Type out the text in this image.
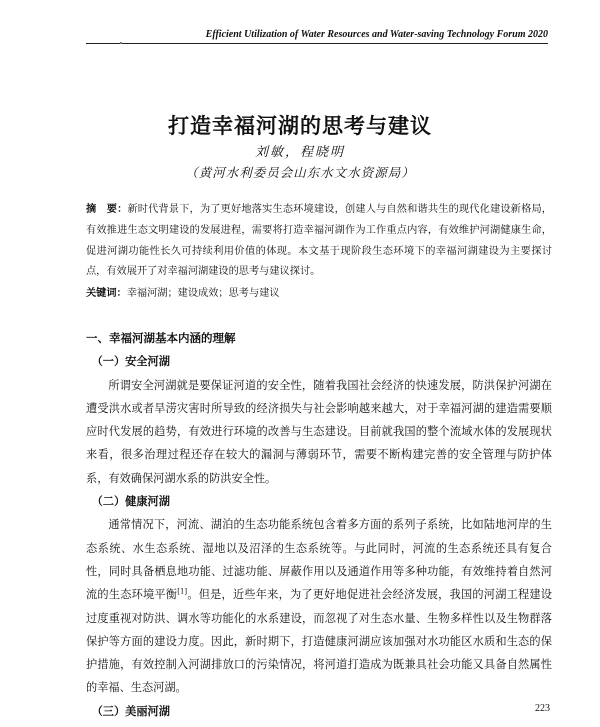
Efficient Utilization of Water Resources and Water-saving Technology Forum 2020
打造幸福河湖的思考与建议
刘敏，程晓明
（黄河水利委员会山东水文水资源局）
摘　要：新时代背景下，为了更好地落实生态环境建设，创建人与自然和谐共生的现代化建设新格局，有效推进生态文明建设的发展进程，需要将打造幸福河湖作为工作重点内容，有效维护河湖健康生命，促进河湖功能性长久可持续利用价值的体现。本文基于现阶段生态环境下的幸福河湖建设为主要探讨点，有效展开了对幸福河湖建设的思考与建议探讨。
关键词：幸福河湖；建设成效；思考与建议
一、幸福河湖基本内涵的理解
（一）安全河湖

所谓安全河湖就是要保证河道的安全性，随着我国社会经济的快速发展，防洪保护河湖在遭受洪水或者旱涝灾害时所导致的经济损失与社会影响越来越大，对于幸福河湖的建造需要顺应时代发展的趋势，有效进行环境的改善与生态建设。目前就我国的整个流域水体的发展现状来看，很多治理过程还存在较大的漏洞与薄弱环节，需要不断构建完善的安全管理与防护体系，有效确保河湖水系的防洪安全性。

（二）健康河湖

通常情况下，河流、湖泊的生态功能系统包含着多方面的系列子系统，比如陆地河岸的生态系统、水生态系统、湿地以及沼泽的生态系统等。与此同时，河流的生态系统还具有复合性，同时具备栖息地功能、过滤功能、屏蔽作用以及通道作用等多种功能，有效维持着自然河流的生态环境平衡[1]。但是，近些年来，为了更好地促进社会经济发展，我国的河湖工程建设过度重视对防洪、调水等功能化的水系建设，而忽视了对生态水量、生物多样性以及生物群落保护等方面的建设力度。因此，新时期下，打造健康河湖应该加强对水功能区水质和生态的保护措施，有效控制入河湖排放口的污染情况，将河道打造成为既兼具社会功能又具备自然属性的幸福、生态河湖。

（三）美丽河湖	223
